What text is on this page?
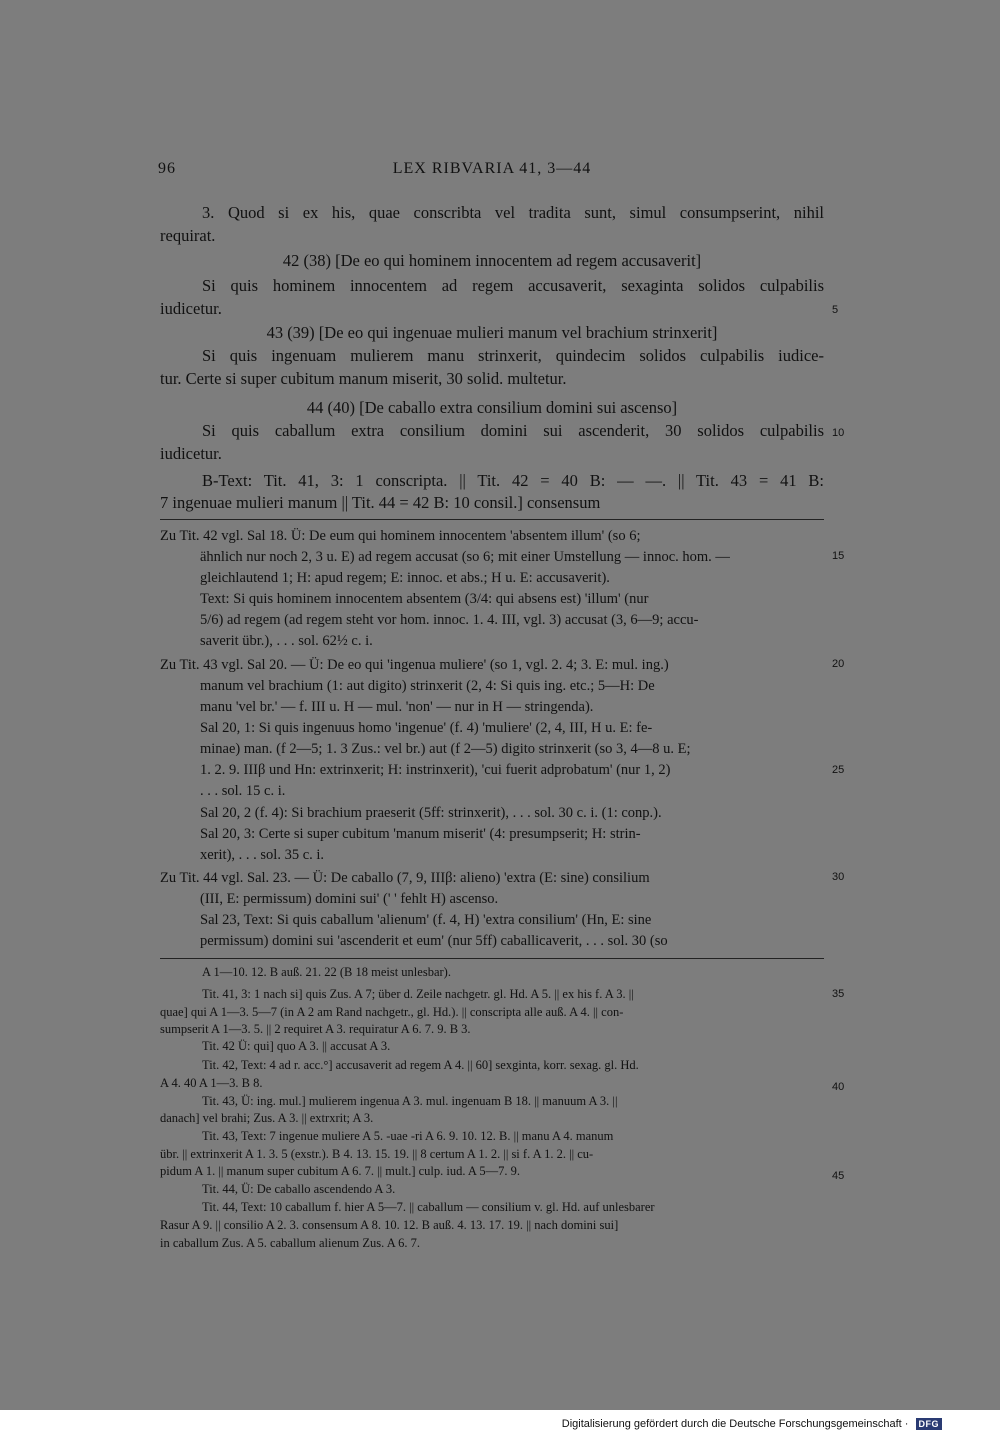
96	LEX RIBVARIA 41, 3—44
3. Quod si ex his, quae conscribta vel tradita sunt, simul consumpserint, nihil
requirat.
42 (38) [De eo qui hominem innocentem ad regem accusaverit]
Si quis hominem innocentem ad regem accusaverit, sexaginta solidos culpabilis
iudicetur.
43 (39) [De eo qui ingenuae mulieri manum vel brachium strinxerit]
Si quis ingenuam mulierem manu strinxerit, quindecim solidos culpabilis iudice-
tur. Certe si super cubitum manum miserit, 30 solid. multetur.
44 (40) [De caballo extra consilium domini sui ascenso]
Si quis caballum extra consilium domini sui ascenderit, 30 solidos culpabilis
iudicetur.
B-Text: Tit. 41, 3: 1 conscripta. || Tit. 42 = 40 B: — —. || Tit. 43 = 41 B:
7 ingenuae mulieri manum || Tit. 44 = 42 B: 10 consil.] consensum
5
10
15
20
25
30
35
40
45
Zu Tit. 42 vgl. Sal 18. Ü: De eum qui hominem innocentem 'absentem illum' (so 6;
ähnlich nur noch 2, 3 u. E) ad regem accusat (so 6; mit einer Umstellung — innoc. hom. —
gleichlautend 1; H: apud regem; E: innoc. et abs.; H u. E: accusaverit).
Text: Si quis hominem innocentem absentem (3/4: qui absens est) 'illum' (nur
5/6) ad regem (ad regem steht vor hom. innoc. 1. 4. III, vgl. 3) accusat (3, 6—9; accu-
saverit übr.), . . . sol. 62½ c. i.
Zu Tit. 43 vgl. Sal 20. — Ü: De eo qui 'ingenua muliere' (so 1, vgl. 2. 4; 3. E: mul. ing.)
manum vel brachium (1: aut digito) strinxerit (2, 4: Si quis ing. etc.; 5—H: De
manu 'vel br.' — f. III u. H — mul. 'non' — nur in H — stringenda).
Sal 20, 1: Si quis ingenuus homo 'ingenue' (f. 4) 'muliere' (2, 4, III, H u. E: fe-
minae) man. (f 2—5; 1. 3 Zus.: vel br.) aut (f 2—5) digito strinxerit (so 3, 4—8 u. E;
1. 2. 9. IIIβ und Hn: extrinxerit; H: instrinxerit), 'cui fuerit adprobatum' (nur 1, 2)
. . . sol. 15 c. i.
Sal 20, 2 (f. 4): Si brachium praeserit (5ff: strinxerit), . . . sol. 30 c. i. (1: conp.).
Sal 20, 3: Certe si super cubitum 'manum miserit' (4: presumpserit; H: strin-
xerit), . . . sol. 35 c. i.
Zu Tit. 44 vgl. Sal. 23. — Ü: De caballo (7, 9, IIIβ: alieno) 'extra (E: sine) consilium
(III, E: permissum) domini sui' (' ' fehlt H) ascenso.
Sal 23, Text: Si quis caballum 'alienum' (f. 4, H) 'extra consilium' (Hn, E: sine
permissum) domini sui 'ascenderit et eum' (nur 5ff) caballicaverit, . . . sol. 30 (so
A 1—10. 12. B auß. 21. 22 (B 18 meist unlesbar).
Tit. 41, 3: 1 nach si] quis Zus. A 7; über d. Zeile nachgetr. gl. Hd. A 5. || ex his f. A 3. ||
quae] qui A 1—3. 5—7 (in A 2 am Rand nachgetr., gl. Hd.). || conscripta alle auß. A 4. || con-
sumpserit A 1—3. 5. || 2 requiret A 3. requiratur A 6. 7. 9. B 3.
Tit. 42 Ü: qui] quo A 3. || accusat A 3.
Tit. 42, Text: 4 ad r. acc.°] accusaverit ad regem A 4. || 60] sexginta, korr. sexag. gl. Hd.
A 4. 40 A 1—3. B 8.
Tit. 43, Ü: ing. mul.] mulierem ingenua A 3. mul. ingenuam B 18. || manuum A 3. ||
danach] vel brahi; Zus. A 3. || extrxrit; A 3.
Tit. 43, Text: 7 ingenue muliere A 5. -uae -ri A 6. 9. 10. 12. B. || manu A 4. manum
übr. || extrinxerit A 1. 3. 5 (exstr.). B 4. 13. 15. 19. || 8 certum A 1. 2. || si f. A 1. 2. || cu-
pidum A 1. || manum super cubitum A 6. 7. || mult.] culp. iud. A 5—7. 9.
Tit. 44, Ü: De caballo ascendendo A 3.
Tit. 44, Text: 10 caballum f. hier A 5—7. || caballum — consilium v. gl. Hd. auf unlesbarer
Rasur A 9. || consilio A 2. 3. consensum A 8. 10. 12. B auß. 4. 13. 17. 19. || nach domini sui]
in caballum Zus. A 5. caballum alienum Zus. A 6. 7.
Digitalisierung gefördert durch die Deutsche Forschungsgemeinschaft · DFG
